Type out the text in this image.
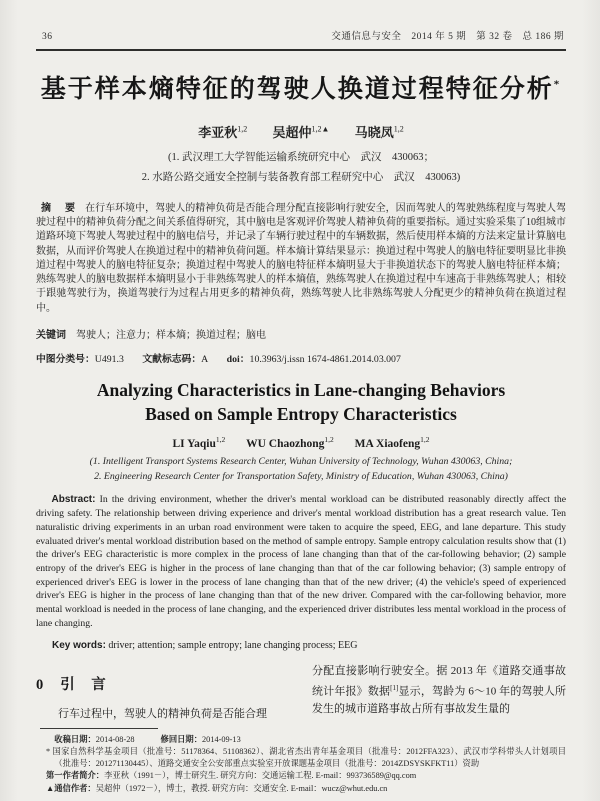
36	交通信息与安全　2014 年 5 期　第 32 卷　总 186 期
基于样本熵特征的驾驶人换道过程特征分析*
李亚秋$^{1,2}$ 吴超仲$^{1,2▲}$ 马晓凤$^{1,2}$
(1. 武汉理工大学智能运输系统研究中心　武汉　430063；
2. 水路公路交通安全控制与装备教育部工程研究中心　武汉　430063)

摘　要 在行车环境中，驾驶人的精神负荷是否能合理分配直接影响行驶安全，因而驾驶人的驾驶熟练程度与驾驶人驾驶过程中的精神负荷分配之间关系值得研究，其中脑电是客观评价驾驶人精神负荷的重要指标。通过实验采集了10组城市道路环境下驾驶人驾驶过程中的脑电信号，并记录了车辆行驶过程中的车辆数据，然后使用样本熵的方法来定量计算脑电数据，从而评价驾驶人在换道过程中的精神负荷问题。样本熵计算结果显示：换道过程中驾驶人的脑电特征要明显比非换道过程中驾驶人的脑电特征复杂；换道过程中驾驶人的脑电特征样本熵明显大于非换道状态下的驾驶人脑电特征样本熵；熟练驾驶人的脑电数据样本熵明显小于非熟练驾驶人的样本熵值，熟练驾驶人在换道过程中车速高于非熟练驾驶人；相较于跟驰驾驶行为，换道驾驶行为过程占用更多的精神负荷，熟练驾驶人比非熟练驾驶人分配更少的精神负荷在换道过程中。

关键词 驾驶人；注意力；样本熵；换道过程；脑电

中图分类号：U491.3 文献标志码：A doi：10.3963/j.issn 1674-4861.2014.03.007

Analyzing Characteristics in Lane-changing Behaviors
Based on Sample Entropy Characteristics
LI Yaqiu$^{1,2}$ WU Chaozhong$^{1,2}$ MA Xiaofeng$^{1,2}$
(1. Intelligent Transport Systems Research Center, Wuhan University of Technology, Wuhan 430063, China;
2. Engineering Research Center for Transportation Safety, Ministry of Education, Wuhan 430063, China)

Abstract: In the driving environment, whether the driver's mental workload can be distributed reasonably directly affect the driving safety. The relationship between driving experience and driver's mental workload distribution has a great research value. Ten naturalistic driving experiments in an urban road environment were taken to acquire the speed, EEG, and lane departure. This study evaluated driver's mental workload distribution based on the method of sample entropy. Sample entropy calculation results show that (1) the driver's EEG characteristic is more complex in the process of lane changing than that of the car-following behavior; (2) sample entropy of the driver's EEG is higher in the process of lane changing than that of the car following behavior; (3) sample entropy of experienced driver's EEG is lower in the process of lane changing than that of the new driver; (4) the vehicle's speed of experienced driver's EEG is higher in the process of lane changing than that of the new driver. Compared with the car-following behavior, more mental workload is needed in the process of lane changing, and the experienced driver distributes less mental workload in the process of lane changing.

Key words: driver; attention; sample entropy; lane changing process; EEG

0 引　言

行车过程中，驾驶人的精神负荷是否能合理

分配直接影响行驶安全。据 2013 年《道路交通事故统计年报》数据[1]显示，驾龄为 6～10 年的驾驶人所发生的城市道路事故占所有事故发生量的

收稿日期：2014-08-28	修回日期：2014-09-13
* 国家自然科学基金项目（批准号：51178364、51108362）、湖北省杰出青年基金项目（批准号：2012FFA323）、武汉市学科带头人计划项目（批准号：201271130445）、道路交通安全公安部重点实验室开放课题基金项目（批准号：2014ZDSYSKFKT11）资助
第一作者简介：李亚秋（1991－），博士研究生. 研究方向：交通运输工程. E-mail：993736589@qq.com
▲通信作者：吴超仲（1972－），博士，教授. 研究方向：交通安全. E-mail：wucz@whut.edu.cn
